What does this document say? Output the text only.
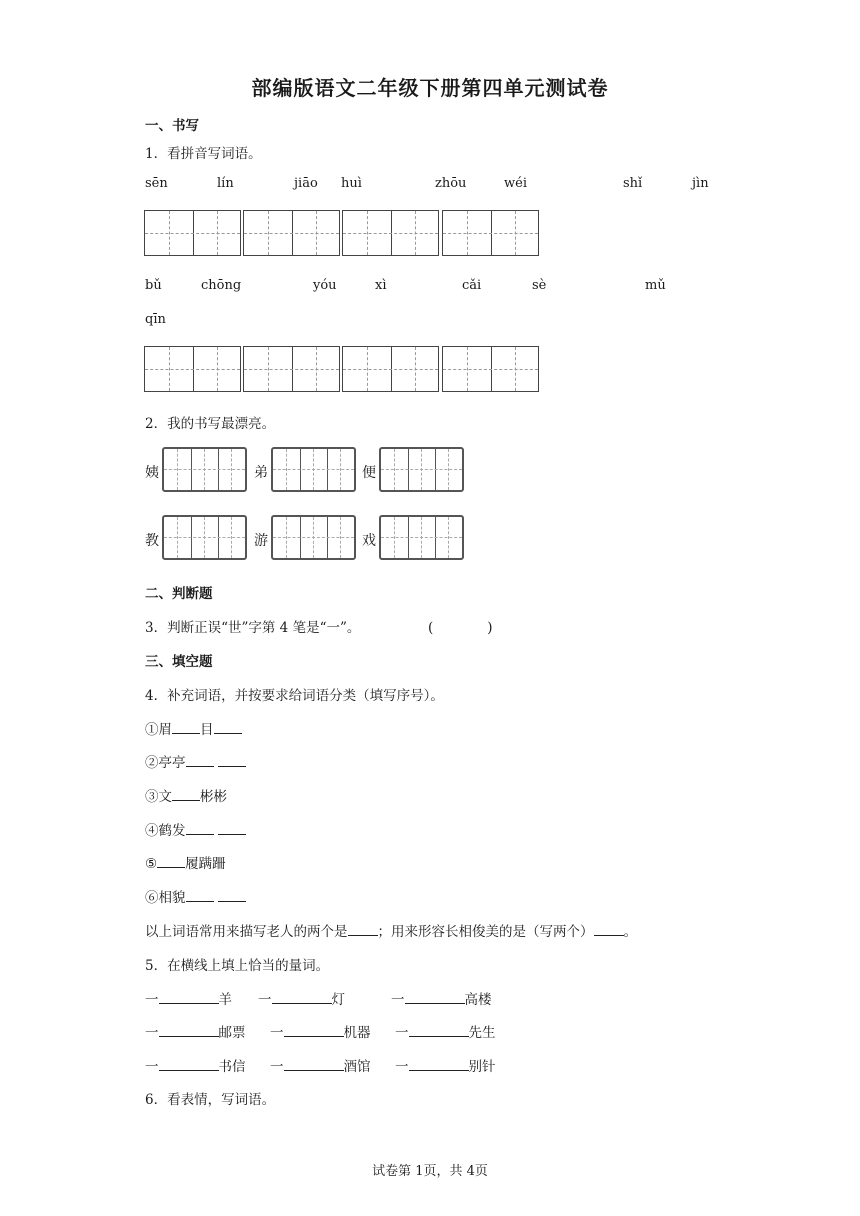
部编版语文二年级下册第四单元测试卷
一、书写
1．看拼音写词语。
sēn	lín	jiāo huì	zhōu	wéi	shǐ	jìn
bǔ	chōng	yóu	xì	cǎi	sè	mǔ
qīn
2．我的书写最漂亮。
姨	弟	便
教	游	戏
二、判断题
3．判断正误“世”字第 4 笔是“一”。	(　　　　)
三、填空题
4．补充词语，并按要求给词语分类（填写序号）。
①眉 目
②亭亭
③文 彬彬
④鹤发
⑤ 履蹒跚
⑥相貌
以上词语常用来描写老人的两个是 ；用来形容长相俊美的是（写两个） 。
5．在横线上填上恰当的量词。
一	羊 一	灯	一	高楼
一	邮票 一	机器 一	先生
一	书信 一	酒馆 一	别针
6．看表情，写词语。
试卷第 1页，共 4页
